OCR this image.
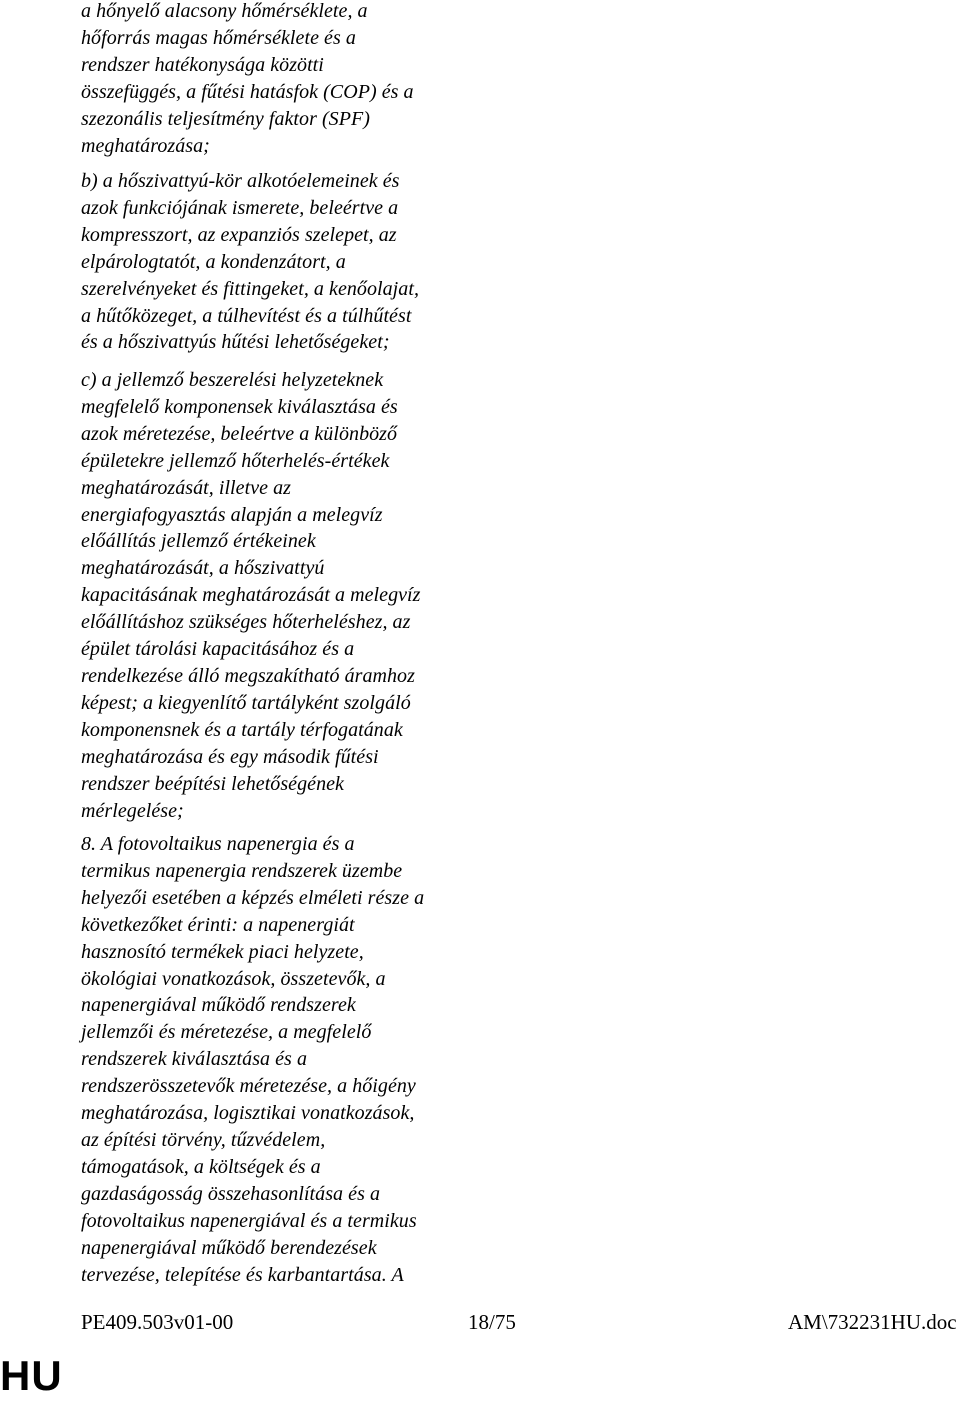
a hőnyelő alacsony hőmérséklete, a
hőforrás magas hőmérséklete és a
rendszer hatékonysága közötti
összefüggés, a fűtési hatásfok (COP) és a
szezonális teljesítmény faktor (SPF)
meghatározása;

b) a hőszivattyú-kör alkotóelemeinek és
azok funkciójának ismerete, beleértve a
kompresszort, az expanziós szelepet, az
elpárologtatót, a kondenzátort, a
szerelvényeket és fittingeket, a kenőolajat,
a hűtőközeget, a túlhevítést és a túlhűtést
és a hőszivattyús hűtési lehetőségeket;

c) a jellemző beszerelési helyzeteknek
megfelelő komponensek kiválasztása és
azok méretezése, beleértve a különböző
épületekre jellemző hőterhelés-értékek
meghatározását, illetve az
energiafogyasztás alapján a melegvíz
előállítás jellemző értékeinek
meghatározását, a hőszivattyú
kapacitásának meghatározását a melegvíz
előállításhoz szükséges hőterheléshez, az
épület tárolási kapacitásához és a
rendelkezése álló megszakítható áramhoz
képest; a kiegyenlítő tartályként szolgáló
komponensnek és a tartály térfogatának
meghatározása és egy második fűtési
rendszer beépítési lehetőségének
mérlegelése;

8. A fotovoltaikus napenergia és a
termikus napenergia rendszerek üzembe
helyezői esetében a képzés elméleti része a
következőket érinti: a napenergiát
hasznosító termékek piaci helyzete,
ökológiai vonatkozások, összetevők, a
napenergiával működő rendszerek
jellemzői és méretezése, a megfelelő
rendszerek kiválasztása és a
rendszerösszetevők méretezése, a hőigény
meghatározása, logisztikai vonatkozások,
az építési törvény, tűzvédelem,
támogatások, a költségek és a
gazdaságosság összehasonlítása és a
fotovoltaikus napenergiával és a termikus
napenergiával működő berendezések
tervezése, telepítése és karbantartása. A

PE409.503v01-00	18/75	AM\732231HU.doc
HU
